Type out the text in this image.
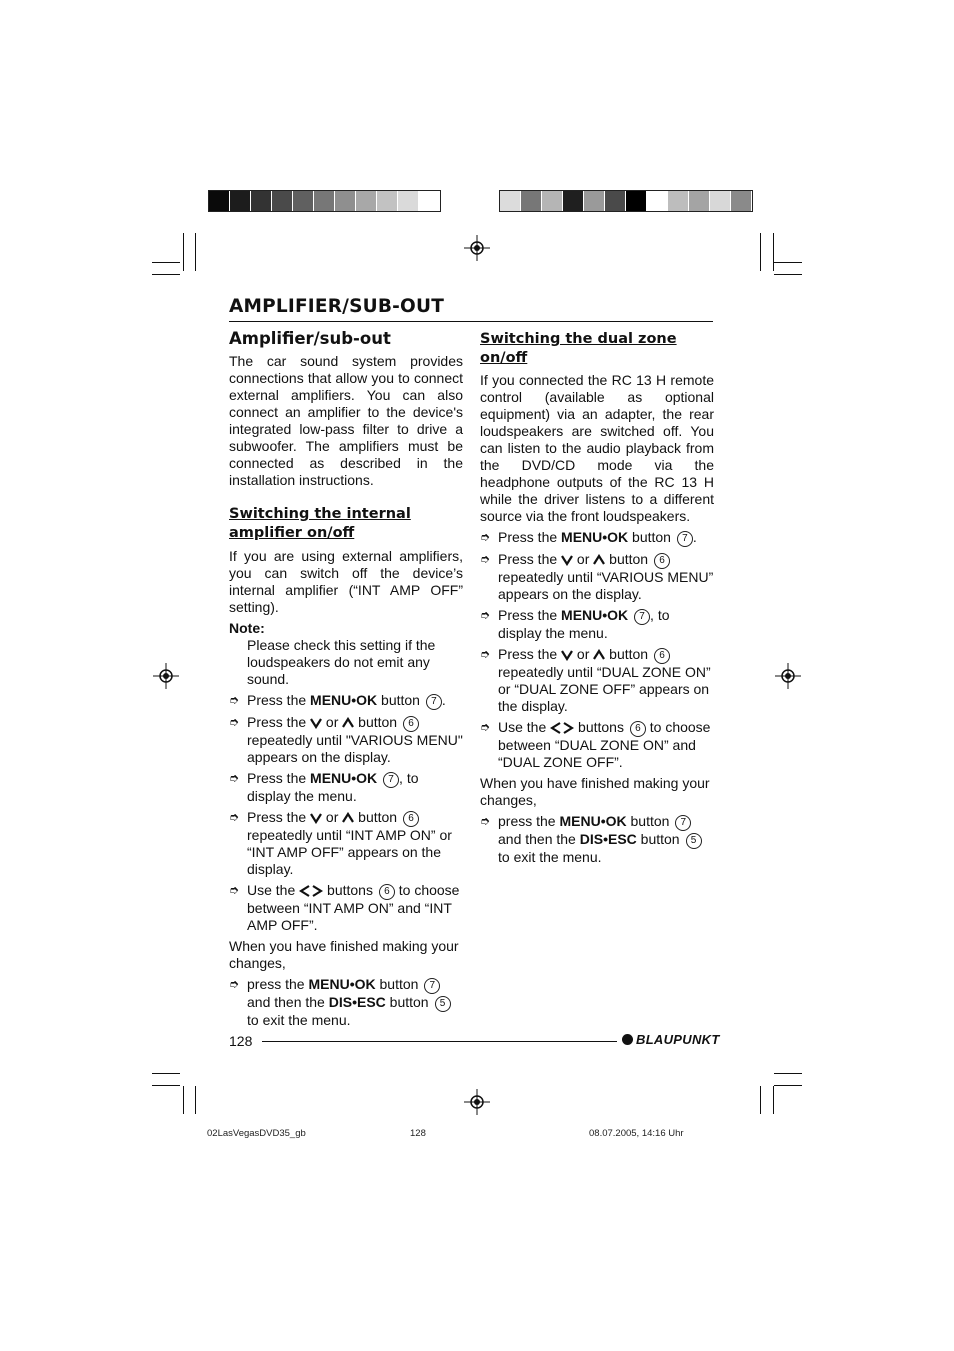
AMPLIFIER/SUB-OUT
Amplifier/sub-out

The car sound system provides connections that allow you to connect external amplifiers. You can also connect an amplifier to the device's integrated low-pass filter to drive a subwoofer. The amplifiers must be connected as described in the installation instructions.

Switching the internal amplifier on/off

If you are using external amplifiers, you can switch off the device’s internal amplifier (“INT AMP OFF” setting).

Note:

Please check this setting if the loudspeakers do not emit any sound.

➮ Press the MENU•OK button 7 .

➮ Press the or button 6 repeatedly until "VARIOUS MENU" appears on the display.

➮ Press the MENU•OK 7 , to display the menu.

➮ Press the or button 6 repeatedly until “INT AMP ON” or “INT AMP OFF” appears on the display.

➮ Use the buttons 6 to choose between “INT AMP ON” and “INT AMP OFF”.

When you have finished making your changes,

➮ press the MENU•OK button 7
and then the DIS•ESC button 5
to exit the menu.

Switching the dual zone on/off

If you connected the RC 13 H remote control (available as optional equipment) via an adapter, the rear loudspeakers are switched off. You can listen to the audio playback from the DVD/CD mode via the headphone outputs of the RC 13 H while the driver listens to a different source via the front loudspeakers.

➮ Press the MENU•OK button 7 .

➮ Press the or button 6 repeatedly until “VARIOUS MENU” appears on the display.

➮ Press the MENU•OK 7 , to display the menu.

➮ Press the or button 6 repeatedly until “DUAL ZONE ON” or “DUAL ZONE OFF” appears on the display.

➮ Use the buttons 6 to choose between “DUAL ZONE ON” and “DUAL ZONE OFF”.

When you have finished making your changes,

➮ press the MENU•OK button 7
and then the DIS•ESC button 5
to exit the menu.

128	BLAUPUNKT
02LasVegasDVD35_gb	128	08.07.2005, 14:16 Uhr
